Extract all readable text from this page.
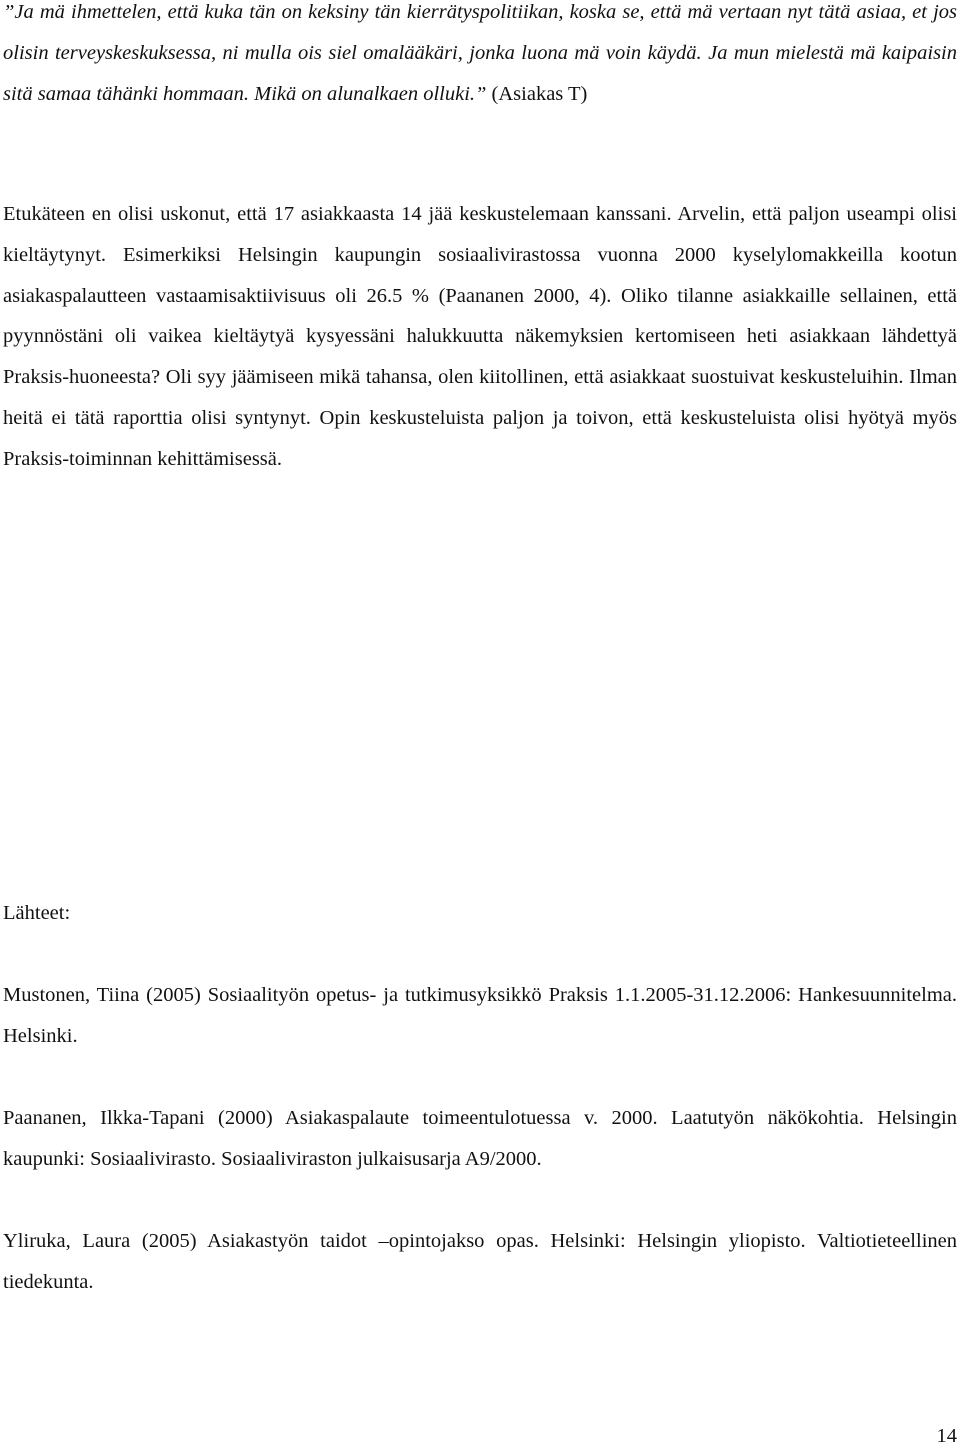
”Ja mä ihmettelen, että kuka tän on keksiny tän kierrätyspolitiikan, koska se, että mä vertaan nyt tätä asiaa, et jos olisin terveyskeskuksessa, ni mulla ois siel omalääkäri, jonka luona mä voin käydä. Ja mun mielestä mä kaipaisin sitä samaa tähänki hommaan. Mikä on alunalkaen olluki.” (Asiakas T)

Etukäteen en olisi uskonut, että 17 asiakkaasta 14 jää keskustelemaan kanssani. Arvelin, että paljon useampi olisi kieltäytynyt. Esimerkiksi Helsingin kaupungin sosiaalivirastossa vuonna 2000 kyselylomakkeilla kootun asiakaspalautteen vastaamisaktiivisuus oli 26.5 % (Paananen 2000, 4). Oliko tilanne asiakkaille sellainen, että pyynnöstäni oli vaikea kieltäytyä kysyessäni halukkuutta näkemyksien kertomiseen heti asiakkaan lähdettyä Praksis-huoneesta? Oli syy jäämiseen mikä tahansa, olen kiitollinen, että asiakkaat suostuivat keskusteluihin. Ilman heitä ei tätä raporttia olisi syntynyt. Opin keskusteluista paljon ja toivon, että keskusteluista olisi hyötyä myös Praksis-toiminnan kehittämisessä.

Lähteet:

Mustonen, Tiina (2005) Sosiaalityön opetus- ja tutkimusyksikkö Praksis 1.1.2005-31.12.2006: Hankesuunnitelma. Helsinki.

Paananen, Ilkka-Tapani (2000) Asiakaspalaute toimeentulotuessa v. 2000. Laatutyön näkökohtia. Helsingin kaupunki: Sosiaalivirasto. Sosiaaliviraston julkaisusarja A9/2000.

Yliruka, Laura (2005) Asiakastyön taidot –opintojakso opas. Helsinki: Helsingin yliopisto. Valtiotieteellinen tiedekunta.

14
